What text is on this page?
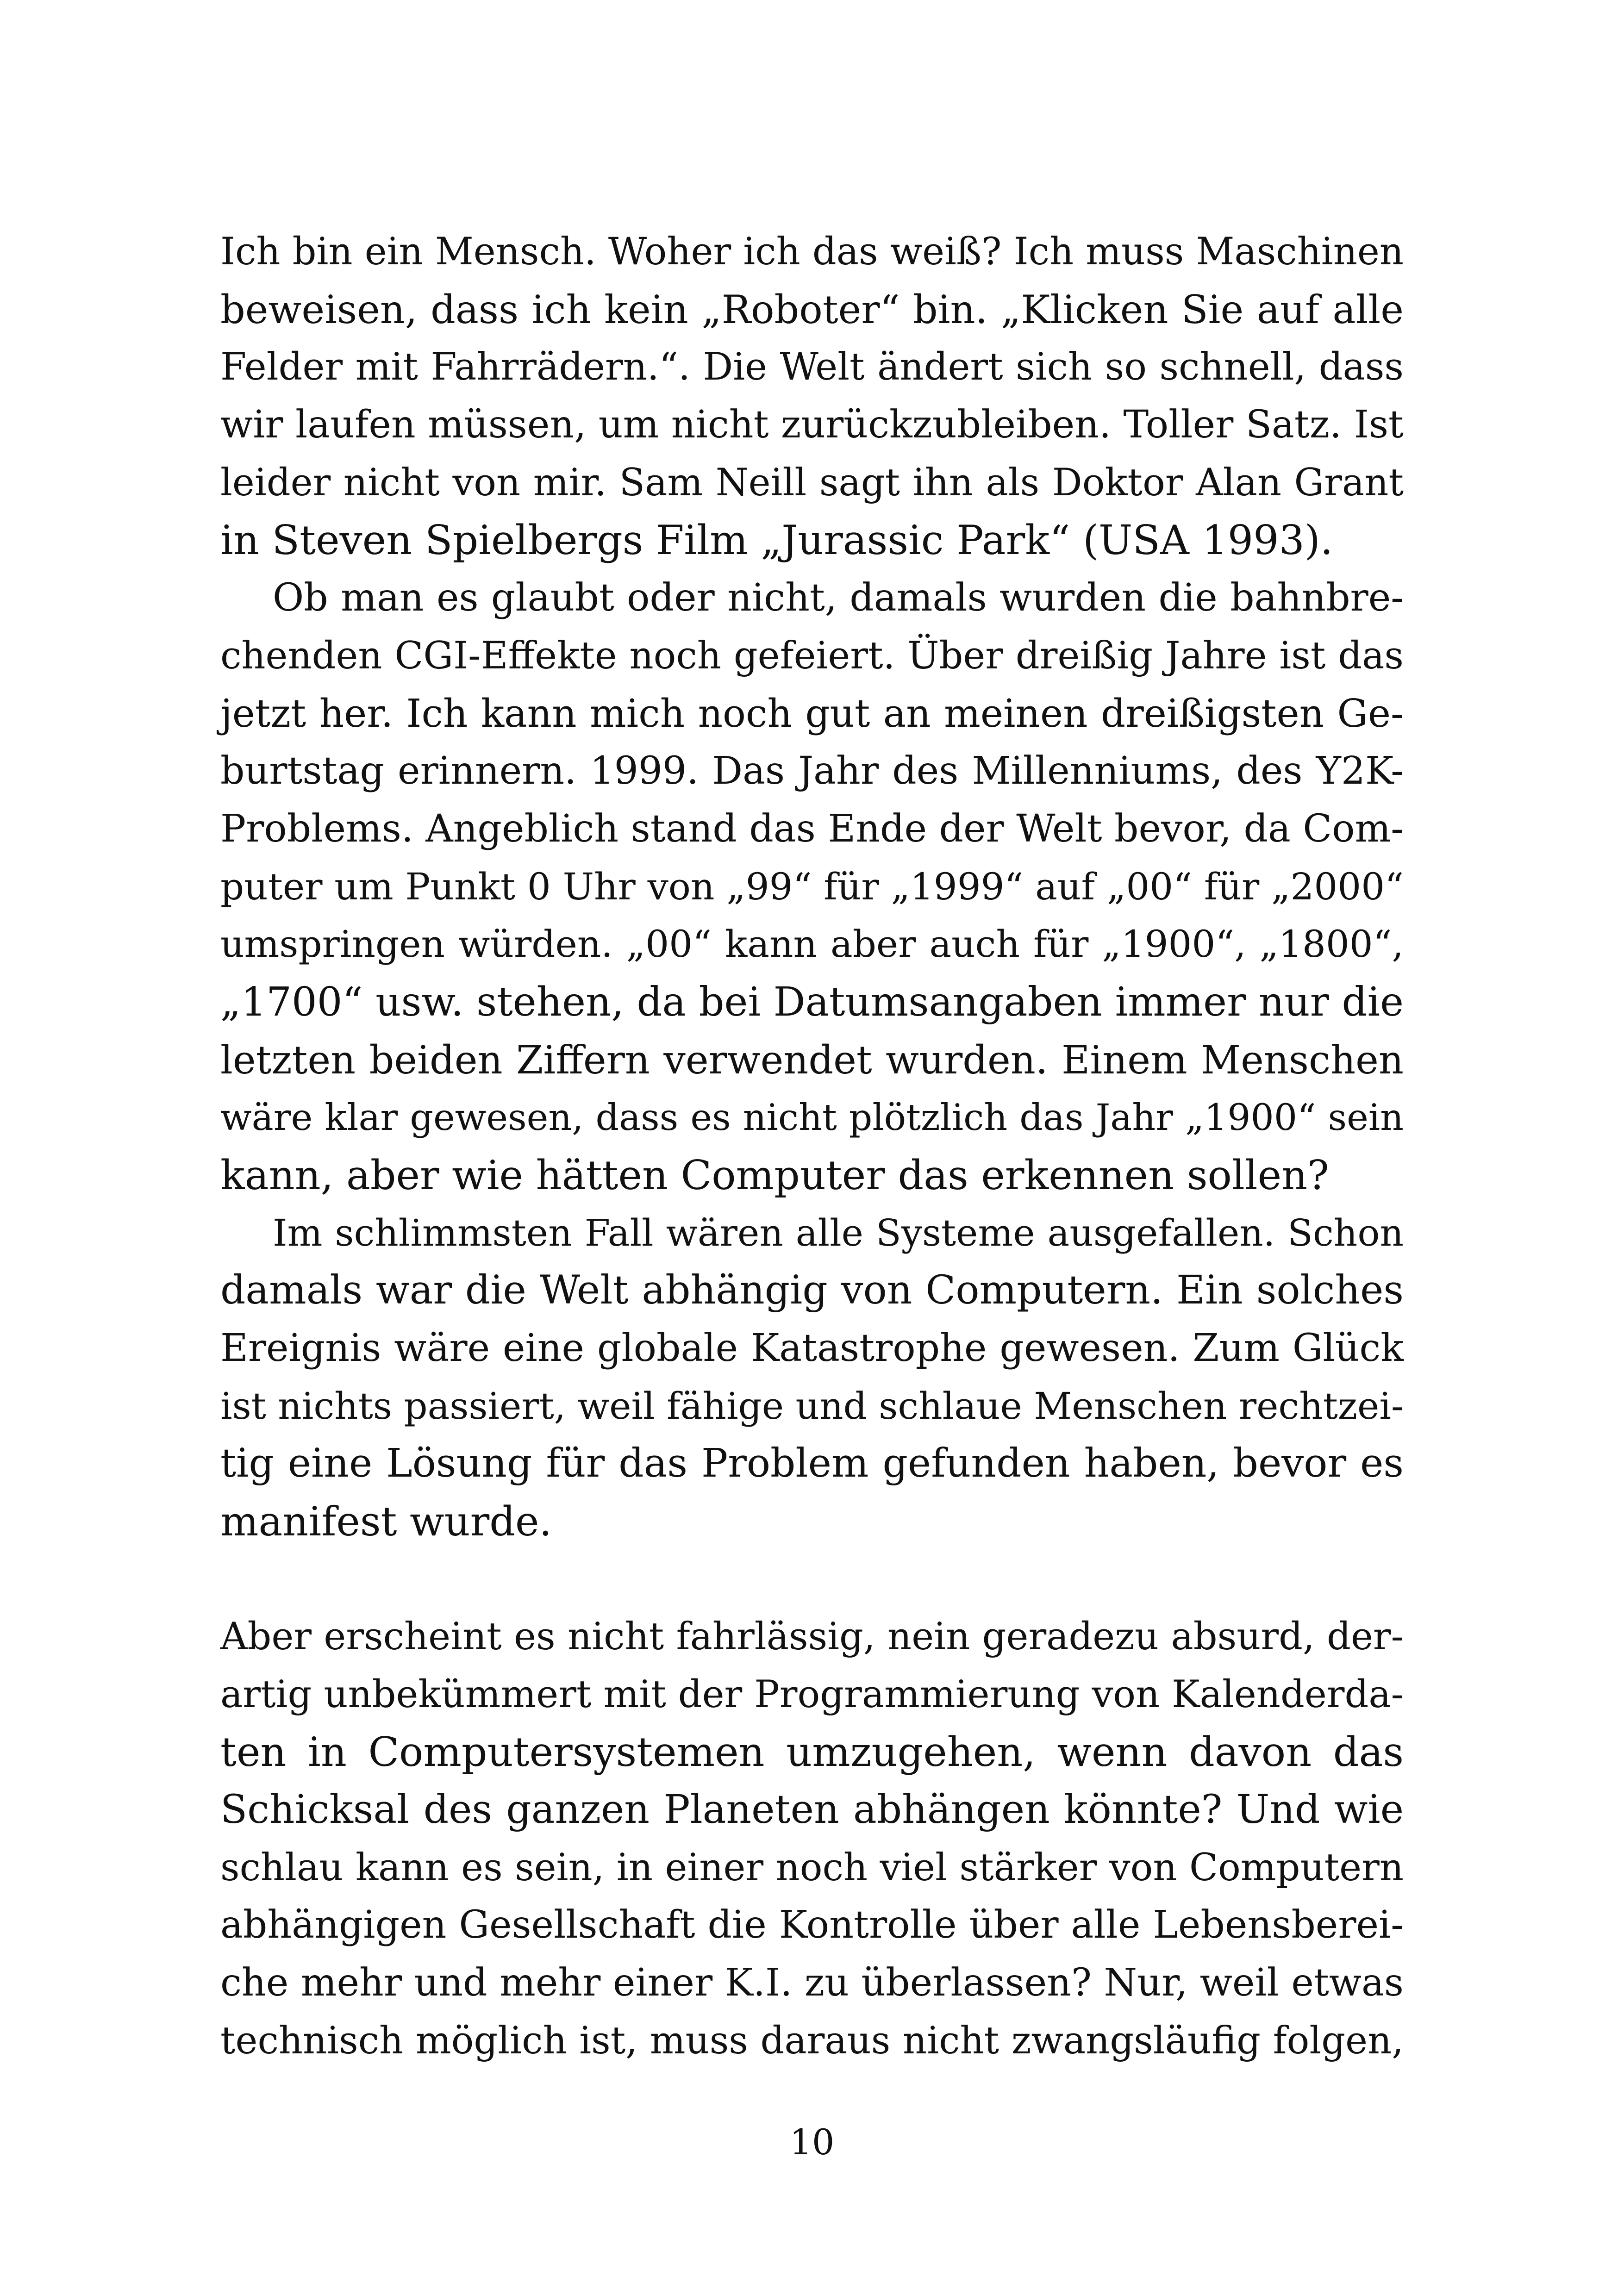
Ich bin ein Mensch. Woher ich das weiß? Ich muss Maschinen
beweisen, dass ich kein „Roboter“ bin. „Klicken Sie auf alle
Felder mit Fahrrädern.“. Die Welt ändert sich so schnell, dass
wir laufen müssen, um nicht zurückzubleiben. Toller Satz. Ist
leider nicht von mir. Sam Neill sagt ihn als Doktor Alan Grant
in Steven Spielbergs Film „Jurassic Park“ (USA 1993).
Ob man es glaubt oder nicht, damals wurden die bahnbre-
chenden CGI-Effekte noch gefeiert. Über dreißig Jahre ist das
jetzt her. Ich kann mich noch gut an meinen dreißigsten Ge-
burtstag erinnern. 1999. Das Jahr des Millenniums, des Y2K-
Problems. Angeblich stand das Ende der Welt bevor, da Com-
puter um Punkt 0 Uhr von „99“ für „1999“ auf „00“ für „2000“
umspringen würden. „00“ kann aber auch für „1900“, „1800“,
„1700“ usw. stehen, da bei Datumsangaben immer nur die
letzten beiden Ziffern verwendet wurden. Einem Menschen
wäre klar gewesen, dass es nicht plötzlich das Jahr „1900“ sein
kann, aber wie hätten Computer das erkennen sollen?
Im schlimmsten Fall wären alle Systeme ausgefallen. Schon
damals war die Welt abhängig von Computern. Ein solches
Ereignis wäre eine globale Katastrophe gewesen. Zum Glück
ist nichts passiert, weil fähige und schlaue Menschen rechtzei-
tig eine Lösung für das Problem gefunden haben, bevor es
manifest wurde.
Aber erscheint es nicht fahrlässig, nein geradezu absurd, der-
artig unbekümmert mit der Programmierung von Kalenderda-
ten in Computersystemen umzugehen, wenn davon das
Schicksal des ganzen Planeten abhängen könnte? Und wie
schlau kann es sein, in einer noch viel stärker von Computern
abhängigen Gesellschaft die Kontrolle über alle Lebensberei-
che mehr und mehr einer K.I. zu überlassen? Nur, weil etwas
technisch möglich ist, muss daraus nicht zwangsläufig folgen,
10
